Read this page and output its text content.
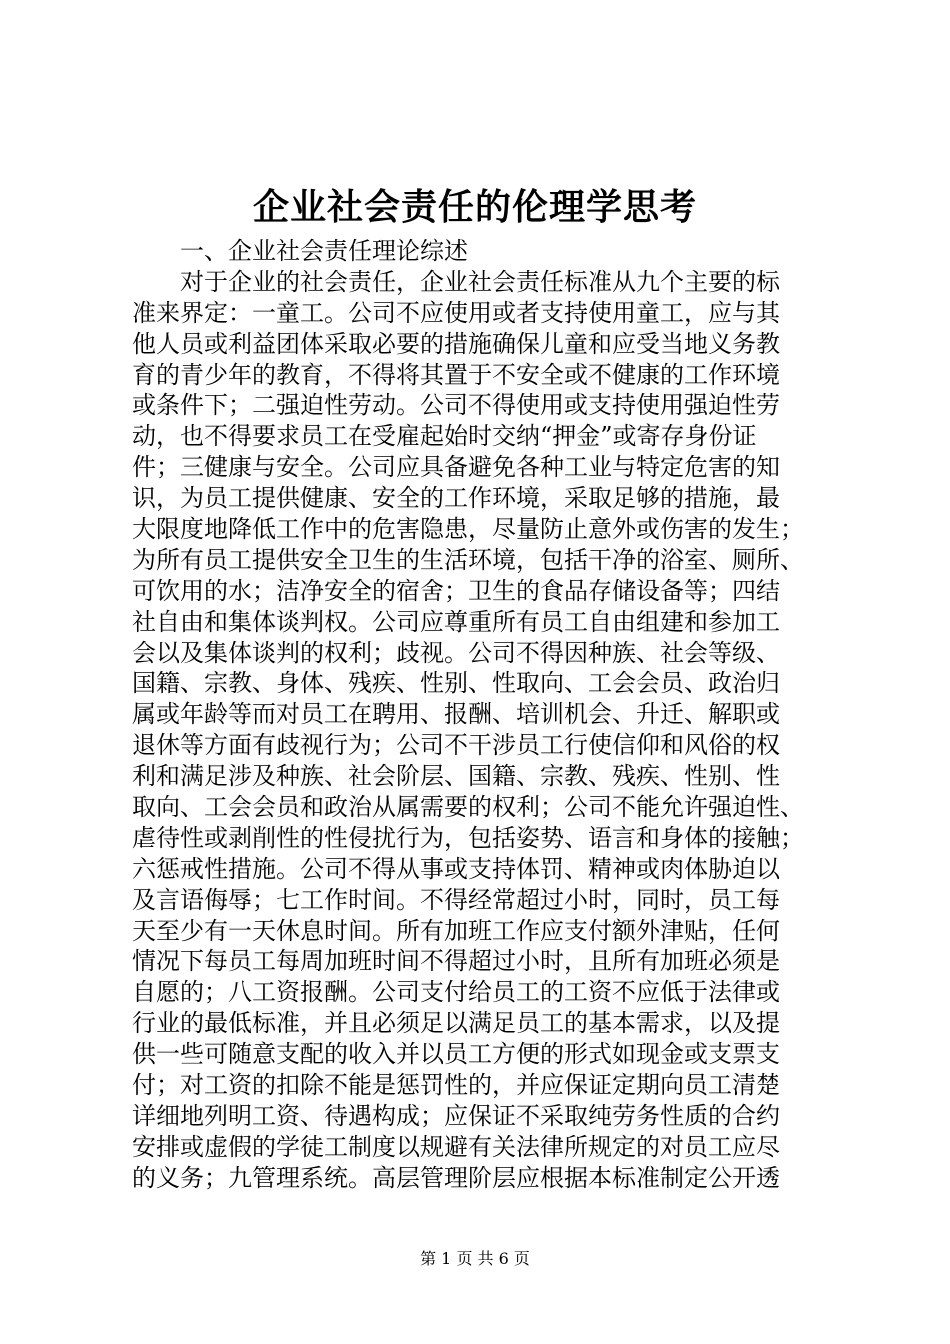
企业社会责任的伦理学思考
　　一、企业社会责任理论综述
　　对于企业的社会责任，企业社会责任标准从九个主要的标
准来界定：一童工。公司不应使用或者支持使用童工，应与其
他人员或利益团体采取必要的措施确保儿童和应受当地义务教
育的青少年的教育，不得将其置于不安全或不健康的工作环境
或条件下；二强迫性劳动。公司不得使用或支持使用强迫性劳
动，也不得要求员工在受雇起始时交纳“押金”或寄存身份证
件；三健康与安全。公司应具备避免各种工业与特定危害的知
识，为员工提供健康、安全的工作环境，采取足够的措施，最
大限度地降低工作中的危害隐患，尽量防止意外或伤害的发生；
为所有员工提供安全卫生的生活环境，包括干净的浴室、厕所、
可饮用的水；洁净安全的宿舍；卫生的食品存储设备等；四结
社自由和集体谈判权。公司应尊重所有员工自由组建和参加工
会以及集体谈判的权利；歧视。公司不得因种族、社会等级、
国籍、宗教、身体、残疾、性别、性取向、工会会员、政治归
属或年龄等而对员工在聘用、报酬、培训机会、升迁、解职或
退休等方面有歧视行为；公司不干涉员工行使信仰和风俗的权
利和满足涉及种族、社会阶层、国籍、宗教、残疾、性别、性
取向、工会会员和政治从属需要的权利；公司不能允许强迫性、
虐待性或剥削性的性侵扰行为，包括姿势、语言和身体的接触；
六惩戒性措施。公司不得从事或支持体罚、精神或肉体胁迫以
及言语侮辱；七工作时间。不得经常超过小时，同时，员工每
天至少有一天休息时间。所有加班工作应支付额外津贴，任何
情况下每员工每周加班时间不得超过小时，且所有加班必须是
自愿的；八工资报酬。公司支付给员工的工资不应低于法律或
行业的最低标准，并且必须足以满足员工的基本需求，以及提
供一些可随意支配的收入并以员工方便的形式如现金或支票支
付；对工资的扣除不能是惩罚性的，并应保证定期向员工清楚
详细地列明工资、待遇构成；应保证不采取纯劳务性质的合约
安排或虚假的学徒工制度以规避有关法律所规定的对员工应尽
的义务；九管理系统。高层管理阶层应根据本标准制定公开透
第 1 页 共 6 页
